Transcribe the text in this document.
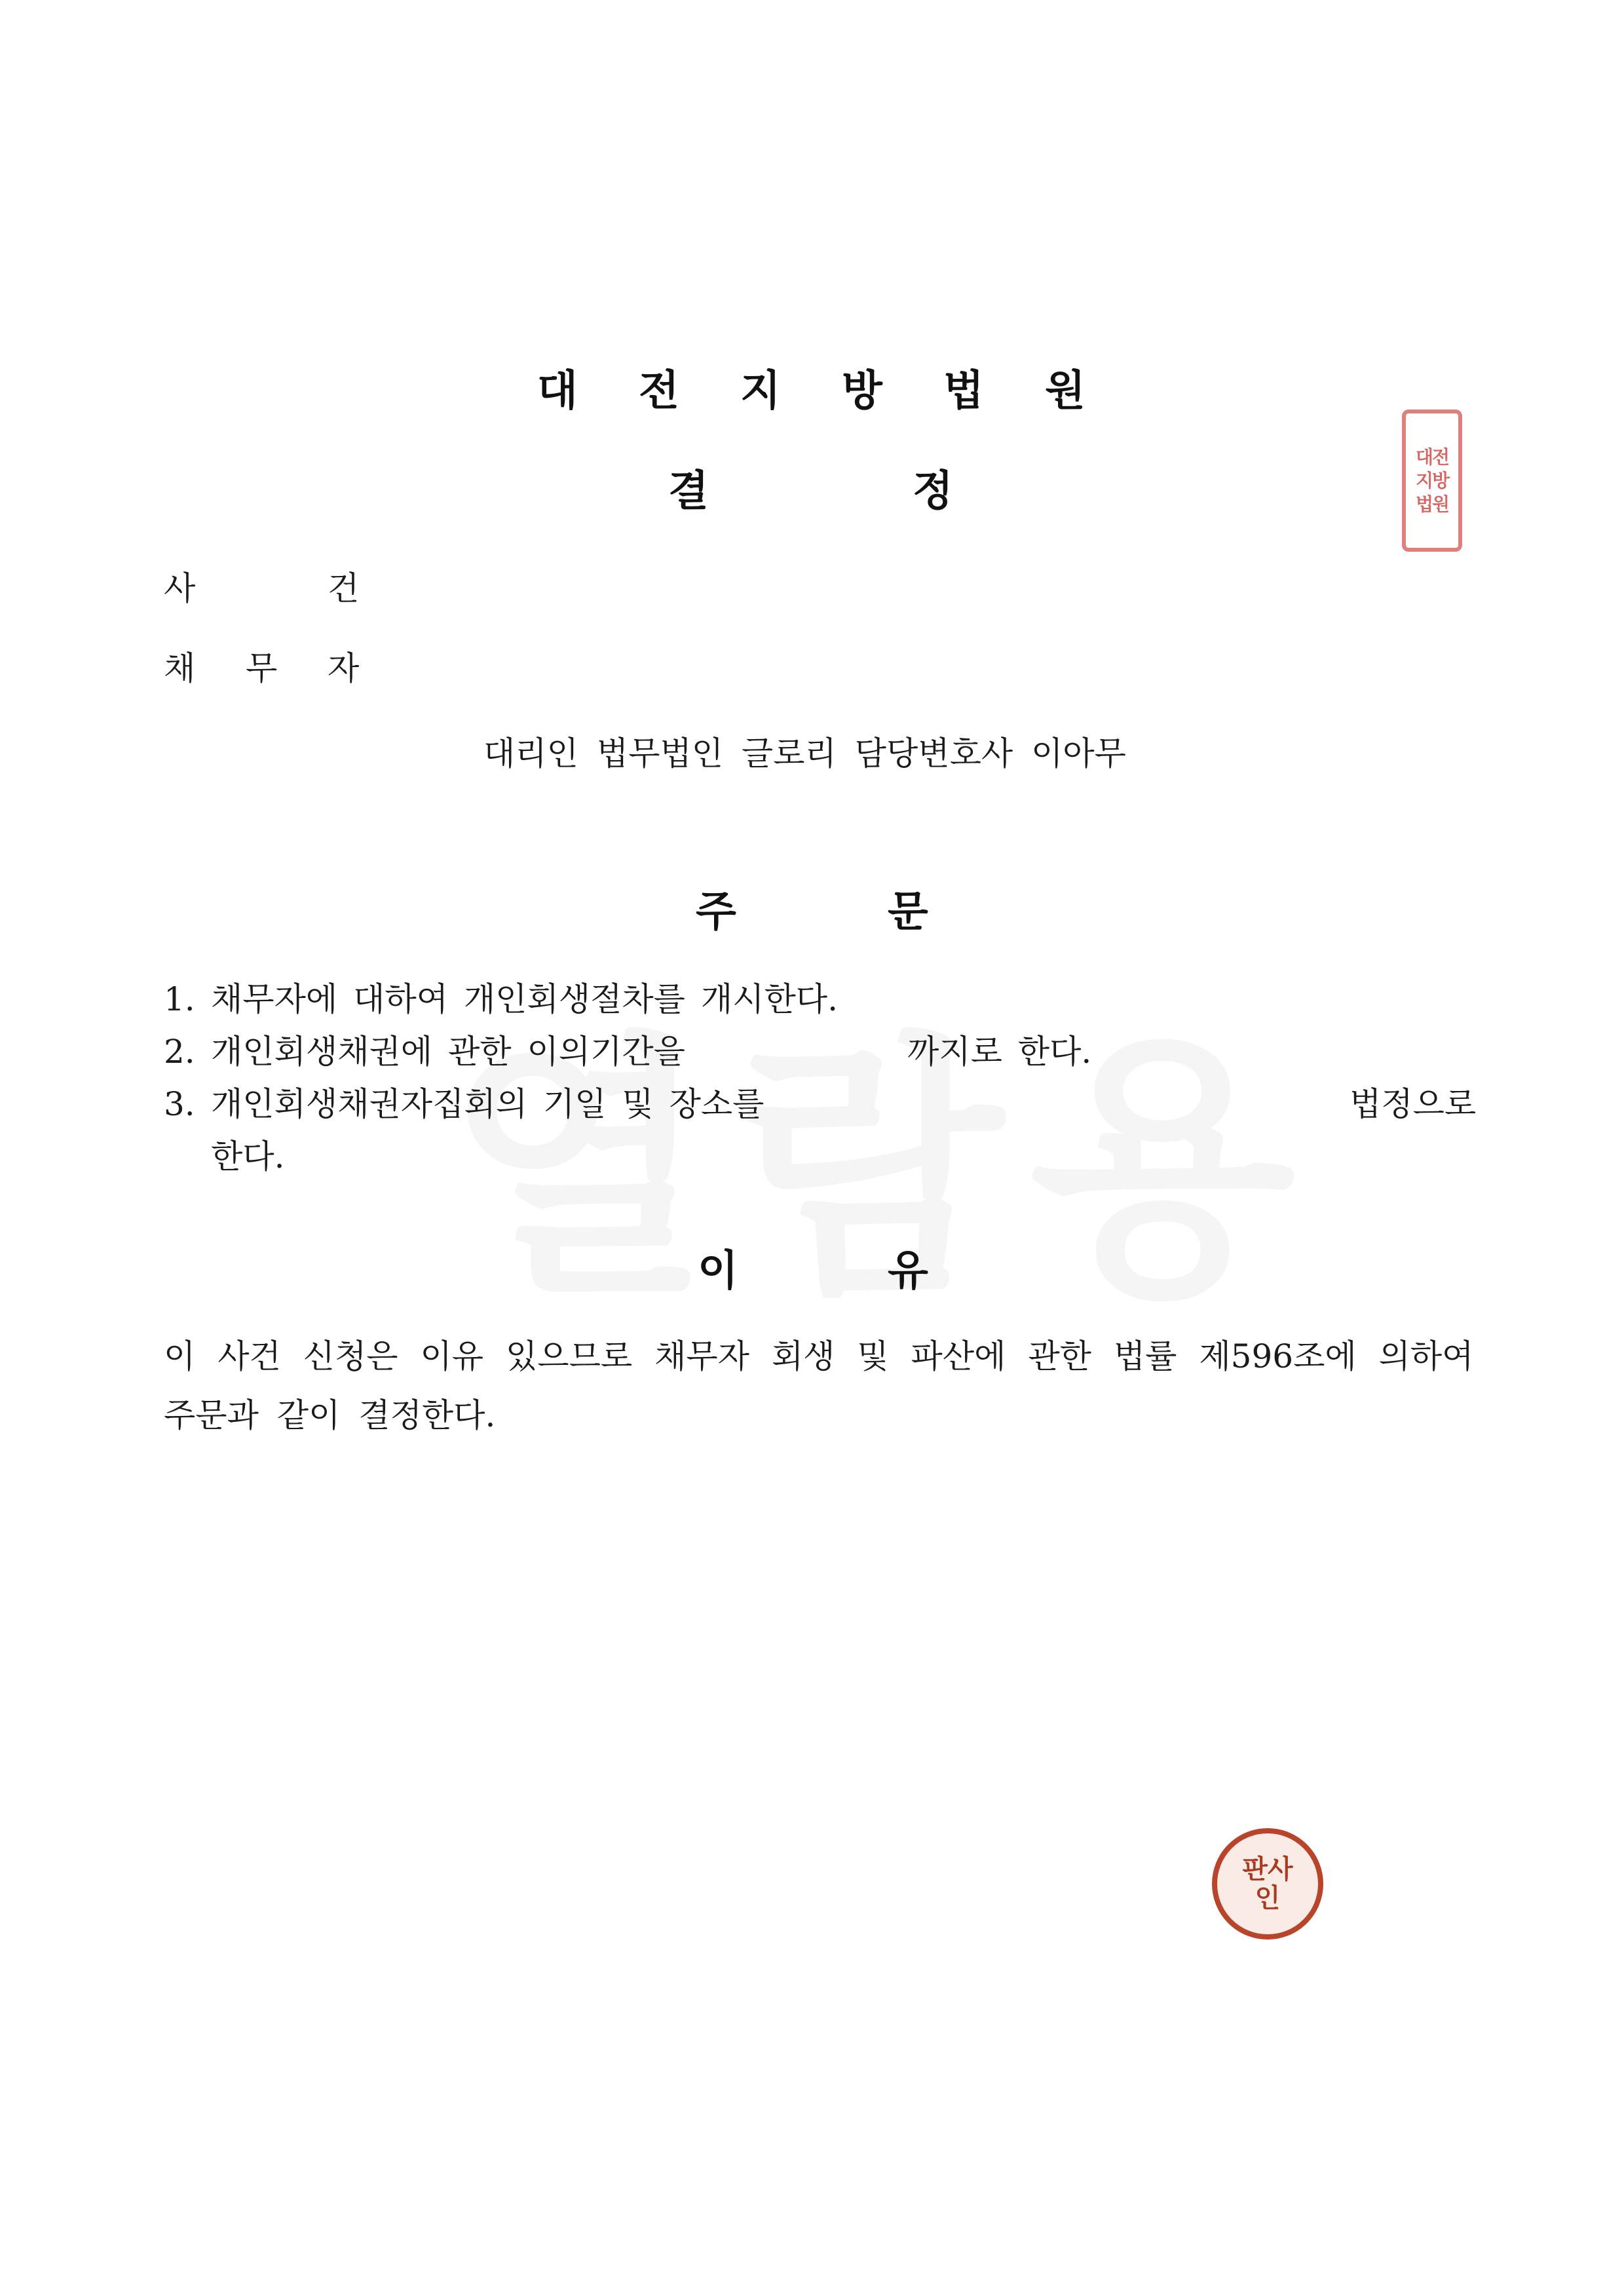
대 전 지 방 법 원
결	정
대전
지방
법원
사	건
채 무 자
대리인 법무법인 글로리 담당변호사 이아무
주	문
1. 채무자에 대하여 개인회생절차를 개시한다.
2. 개인회생채권에 관한 이의기간을	까지로 한다.
3. 개인회생채권자집회의 기일 및 장소를	법정으로
한다.
이	유
이 사건 신청은 이유 있으므로 채무자 회생 및 파산에 관한 법률 제596조에 의하여
주문과 같이 결정한다.
판사
인
